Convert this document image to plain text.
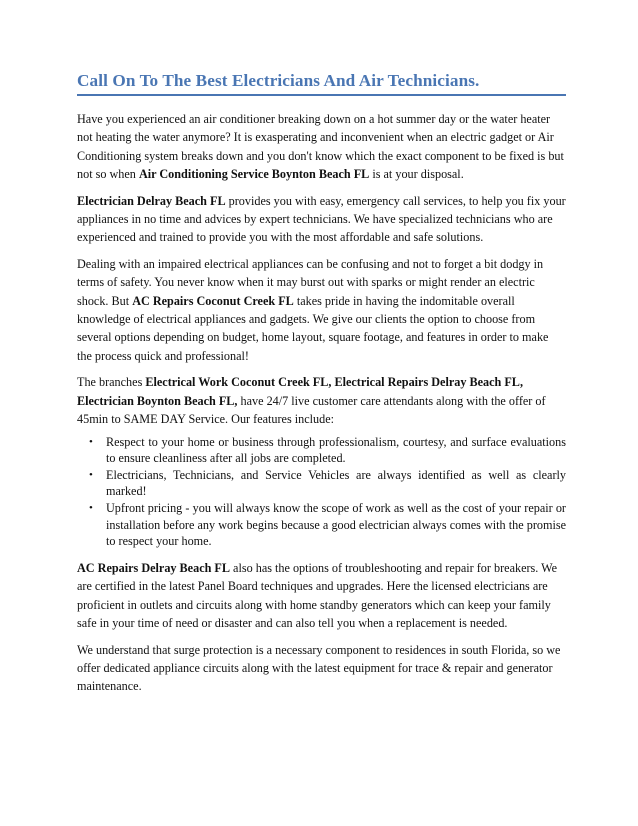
Call On To The Best Electricians And Air Technicians.

Have you experienced an air conditioner breaking down on a hot summer day or the water heater not heating the water anymore? It is exasperating and inconvenient when an electric gadget or Air Conditioning system breaks down and you don't know which the exact component to be fixed is but not so when Air Conditioning Service Boynton Beach FL is at your disposal.

Electrician Delray Beach FL provides you with easy, emergency call services, to help you fix your appliances in no time and advices by expert technicians. We have specialized technicians who are experienced and trained to provide you with the most affordable and safe solutions.

Dealing with an impaired electrical appliances can be confusing and not to forget a bit dodgy in terms of safety. You never know when it may burst out with sparks or might render an electric shock. But AC Repairs Coconut Creek FL takes pride in having the indomitable overall knowledge of electrical appliances and gadgets. We give our clients the option to choose from several options depending on budget, home layout, square footage, and features in order to make the process quick and professional!

The branches Electrical Work Coconut Creek FL, Electrical Repairs Delray Beach FL, Electrician Boynton Beach FL, have 24/7 live customer care attendants along with the offer of 45min to SAME DAY Service. Our features include:

• Respect to your home or business through professionalism, courtesy, and surface evaluations to ensure cleanliness after all jobs are completed.
• Electricians, Technicians, and Service Vehicles are always identified as well as clearly marked!
• Upfront pricing - you will always know the scope of work as well as the cost of your repair or installation before any work begins because a good electrician always comes with the promise to respect your home.

AC Repairs Delray Beach FL also has the options of troubleshooting and repair for breakers. We are certified in the latest Panel Board techniques and upgrades. Here the licensed electricians are proficient in outlets and circuits along with home standby generators which can keep your family safe in your time of need or disaster and can also tell you when a replacement is needed.

We understand that surge protection is a necessary component to residences in south Florida, so we offer dedicated appliance circuits along with the latest equipment for trace & repair and generator maintenance.
